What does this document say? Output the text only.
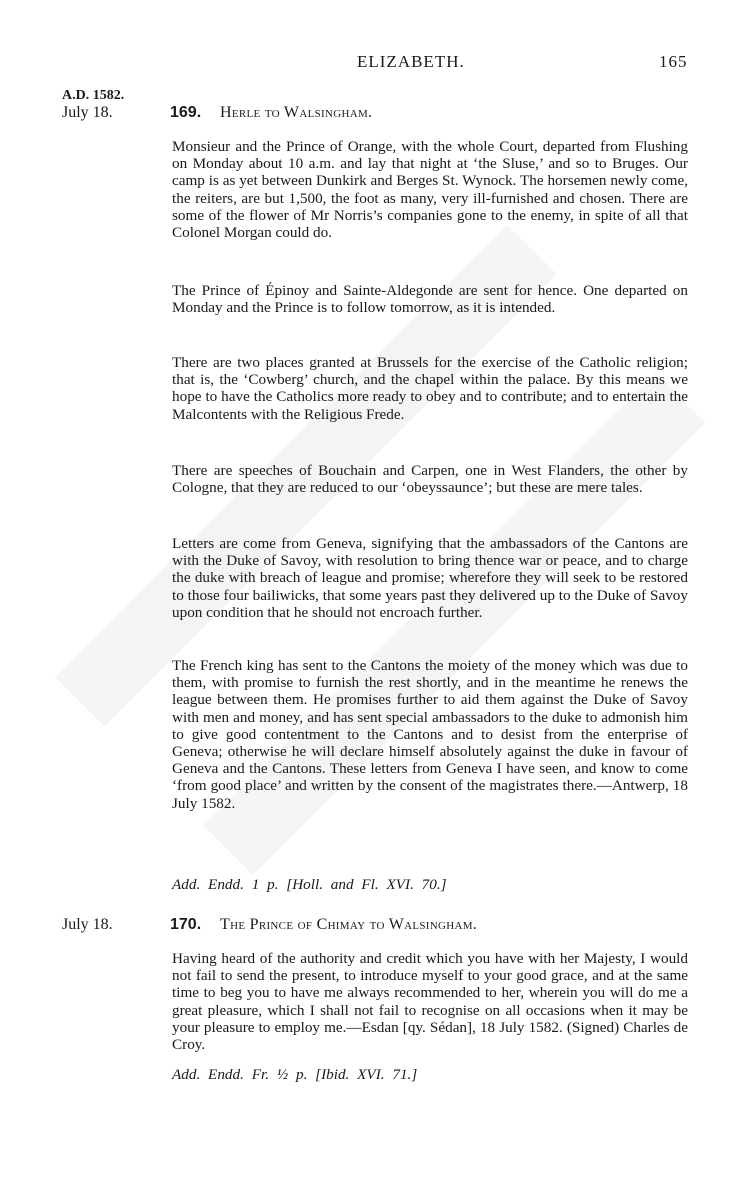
ELIZABETH.	165
A.D. 1582.
July 18.	169. Herle to Walsingham.

Monsieur and the Prince of Orange, with the whole Court, departed from Flushing on Monday about 10 a.m. and lay that night at ‘the Sluse,’ and so to Bruges. Our camp is as yet between Dunkirk and Berges St. Wynock. The horsemen newly come, the reiters, are but 1,500, the foot as many, very ill-furnished and chosen. There are some of the flower of Mr Norris’s companies gone to the enemy, in spite of all that Colonel Morgan could do.

The Prince of Épinoy and Sainte-Aldegonde are sent for hence. One departed on Monday and the Prince is to follow tomorrow, as it is intended.

There are two places granted at Brussels for the exercise of the Catholic religion; that is, the ‘Cowberg’ church, and the chapel within the palace. By this means we hope to have the Catholics more ready to obey and to contribute; and to entertain the Malcontents with the Religious Frede.

There are speeches of Bouchain and Carpen, one in West Flanders, the other by Cologne, that they are reduced to our ‘obeyssaunce’; but these are mere tales.

Letters are come from Geneva, signifying that the ambassadors of the Cantons are with the Duke of Savoy, with resolution to bring thence war or peace, and to charge the duke with breach of league and promise; wherefore they will seek to be restored to those four bailiwicks, that some years past they delivered up to the Duke of Savoy upon condition that he should not encroach further.

The French king has sent to the Cantons the moiety of the money which was due to them, with promise to furnish the rest shortly, and in the meantime he renews the league between them. He promises further to aid them against the Duke of Savoy with men and money, and has sent special ambassadors to the duke to admonish him to give good contentment to the Cantons and to desist from the enterprise of Geneva; otherwise he will declare himself absolutely against the duke in favour of Geneva and the Cantons. These letters from Geneva I have seen, and know to come ‘from good place’ and written by the consent of the magistrates there.—Antwerp, 18 July 1582.

Add. Endd. 1 p. [Holl. and Fl. XVI. 70.]
July 18.	170. The Prince of Chimay to Walsingham.

Having heard of the authority and credit which you have with her Majesty, I would not fail to send the present, to introduce myself to your good grace, and at the same time to beg you to have me always recommended to her, wherein you will do me a great pleasure, which I shall not fail to recognise on all occasions when it may be your pleasure to employ me.—Esdan [qy. Sédan], 18 July 1582. (Signed) Charles de Croy.

Add. Endd. Fr. ½ p. [Ibid. XVI. 71.]
